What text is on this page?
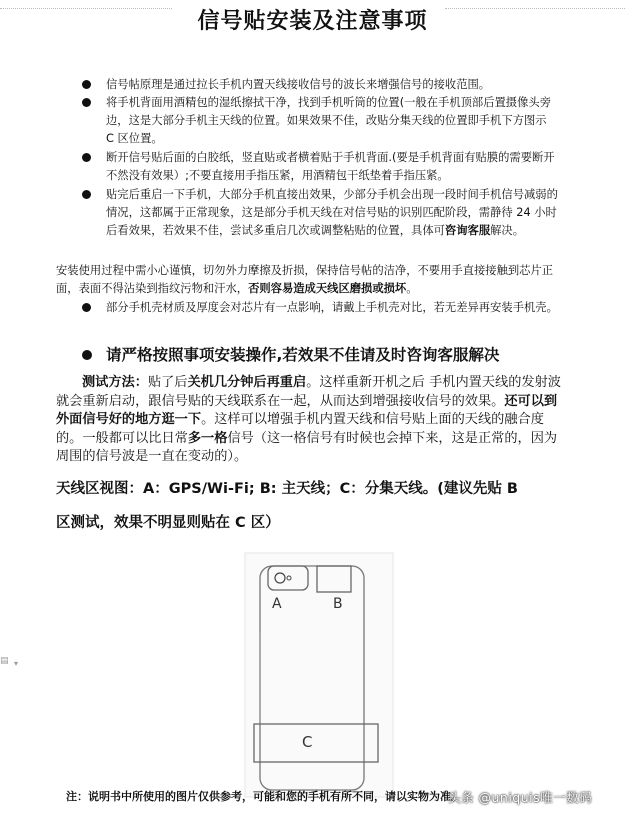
信号贴安装及注意事项
信号帖原理是通过拉长手机内置天线接收信号的波长来增强信号的接收范围。
将手机背面用酒精包的湿纸擦拭干净，找到手机听筒的位置(一般在手机顶部后置摄像头旁边，这是大部分手机主天线的位置。如果效果不佳，改贴分集天线的位置即手机下方图示 C 区位置。
断开信号贴后面的白胶纸，竖直贴或者横着贴于手机背面.(要是手机背面有贴膜的需要断开不然没有效果）;不要直接用手指压紧，用酒精包干纸垫着手指压紧。
贴完后重启一下手机，大部分手机直接出效果，少部分手机会出现一段时间手机信号减弱的情况，这都属于正常现象，这是部分手机天线在对信号贴的识别匹配阶段，需静待 24 小时后看效果，若效果不佳，尝试多重启几次或调整粘贴的位置，具体可咨询客服解决。
安装使用过程中需小心谨慎，切勿外力摩擦及折损，保持信号帖的洁净，不要用手直接接触到芯片正面，表面不得沾染到指纹污物和汗水，否则容易造成天线区磨损或损坏。
部分手机壳材质及厚度会对芯片有一点影响，请戴上手机壳对比，若无差异再安装手机壳。
请严格按照事项安装操作,若效果不佳请及时咨询客服解决
测试方法：贴了后关机几分钟后再重启。这样重新开机之后 手机内置天线的发射波就会重新启动，跟信号贴的天线联系在一起，从而达到增强接收信号的效果。还可以到外面信号好的地方逛一下。这样可以增强手机内置天线和信号贴上面的天线的融合度的。一般都可以比日常多一格信号（这一格信号有时候也会掉下来，这是正常的，因为周围的信号波是一直在变动的）。
天线区视图：A：GPS/Wi-Fi; B: 主天线；C：分集天线。(建议先贴 B
区测试，效果不明显则贴在 C 区）
▤ ▾
A	B
C
注：说明书中所使用的图片仅供参考，可能和您的手机有所不同，请以实物为准。
头条 @uniquis唯一数码
